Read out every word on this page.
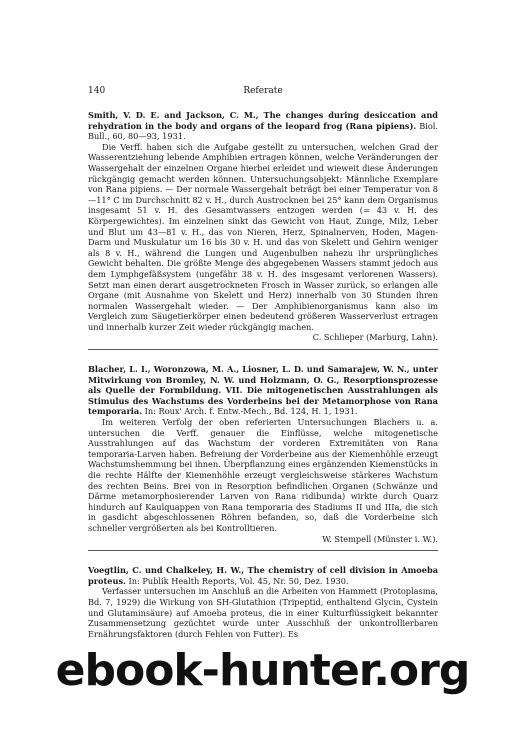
140	Referate
Smith, V. D. E. and Jackson, C. M., The changes during desiccation and rehydration in the body and organs of the leopard frog (Rana pipiens). Biol. Bull., 60, 80—93, 1931.

Die Verff. haben sich die Aufgabe gestellt zu untersuchen, welchen Grad der Wasserentziehung lebende Amphibien ertragen können, welche Veränderungen der Wassergehalt der einzelnen Organe hierbei erleidet und wieweit diese Änderungen rückgängig gemacht werden können. Untersuchungsobjekt: Männliche Exemplare von Rana pipiens. — Der normale Wassergehalt beträgt bei einer Temperatur von 8—11° C im Durchschnitt 82 v. H., durch Austrocknen bei 25° kann dem Organismus insgesamt 51 v. H. des Gesamtwassers entzogen werden (= 43 v. H. des Körpergewichtes). Im einzelnen sinkt das Gewicht von Haut, Zunge, Milz, Leber und Blut um 43—81 v. H., das von Nieren, Herz, Spinalnerven, Hoden, Magen-Darm und Muskulatur um 16 bis 30 v. H. und das von Skelett und Gehirn weniger als 8 v. H., während die Lungen und Augenbulben nahezu ihr ursprüngliches Gewicht behalten. Die größte Menge des abgegebenen Wassers stammt jedoch aus dem Lymphgefäßsystem (ungefähr 38 v. H. des insgesamt verlorenen Wassers). Setzt man einen derart ausgetrockneten Frosch in Wasser zurück, so erlangen alle Organe (mit Ausnahme von Skelett und Herz) innerhalb von 30 Stunden ihren normalen Wassergehalt wieder. — Der Amphibienorganismus kann also im Vergleich zum Säugetierkörper einen bedeutend größeren Wasserverlust ertragen und innerhalb kurzer Zeit wieder rückgängig machen.

C. Schlieper (Marburg, Lahn).
Blacher, L. I., Woronzowa, M. A., Liosner, L. D. und Samarajew, W. N., unter Mitwirkung von Bromley, N. W. und Holzmann, O. G., Resorptionsprozesse als Quelle der Formbildung. VII. Die mitogenetischen Ausstrahlungen als Stimulus des Wachstums des Vorderbeins bei der Metamorphose von Rana temporaria. In: Roux' Arch. f. Entw.-Mech., Bd. 124, H. 1, 1931.

Im weiteren Verfolg der oben referierten Untersuchungen Blachers u. a. untersuchen die Verff. genauer die Einflüsse, welche mitogenetische Ausstrahlungen auf das Wachstum der vorderen Extremitäten von Rana temporaria-Larven haben. Befreiung der Vorderbeine aus der Kiemenhöhle erzeugt Wachstumshemmung bei ihnen. Überpflanzung eines ergänzenden Kiemenstücks in die rechte Hälfte der Kiemenhöhle erzeugt vergleichsweise stärkeres Wachstum des rechten Beins. Brei von in Resorption befindlichen Organen (Schwänze und Därme metamorphosierender Larven von Rana ridibunda) wirkte durch Quarz hindurch auf Kaulquappen von Rana temporaria des Stadiums II und IIIa, die sich in gasdicht abgeschlossenen Röhren befanden, so, daß die Vorderbeine sich schneller vergrößerten als bei Kontrolltieren.

W. Stempell (Münster i. W.).
Voegtlin, C. und Chalkeley, H. W., The chemistry of cell division in Amoeba proteus. In: Publik Health Reports, Vol. 45, Nr. 50, Dez. 1930.

Verfasser untersuchen im Anschluß an die Arbeiten von Hammett (Protoplasma, Bd. 7, 1929) die Wirkung von SH-Glutathion (Tripeptid, enthaltend Glycin, Cystein und Glutaminsäure) auf Amoeba proteus, die in einer Kulturflüssigkeit bekannter Zusammensetzung gezüchtet wurde unter Ausschluß der unkontrollierbaren Ernährungsfaktoren (durch Fehlen von Futter). Es

ebook-hunter.org
